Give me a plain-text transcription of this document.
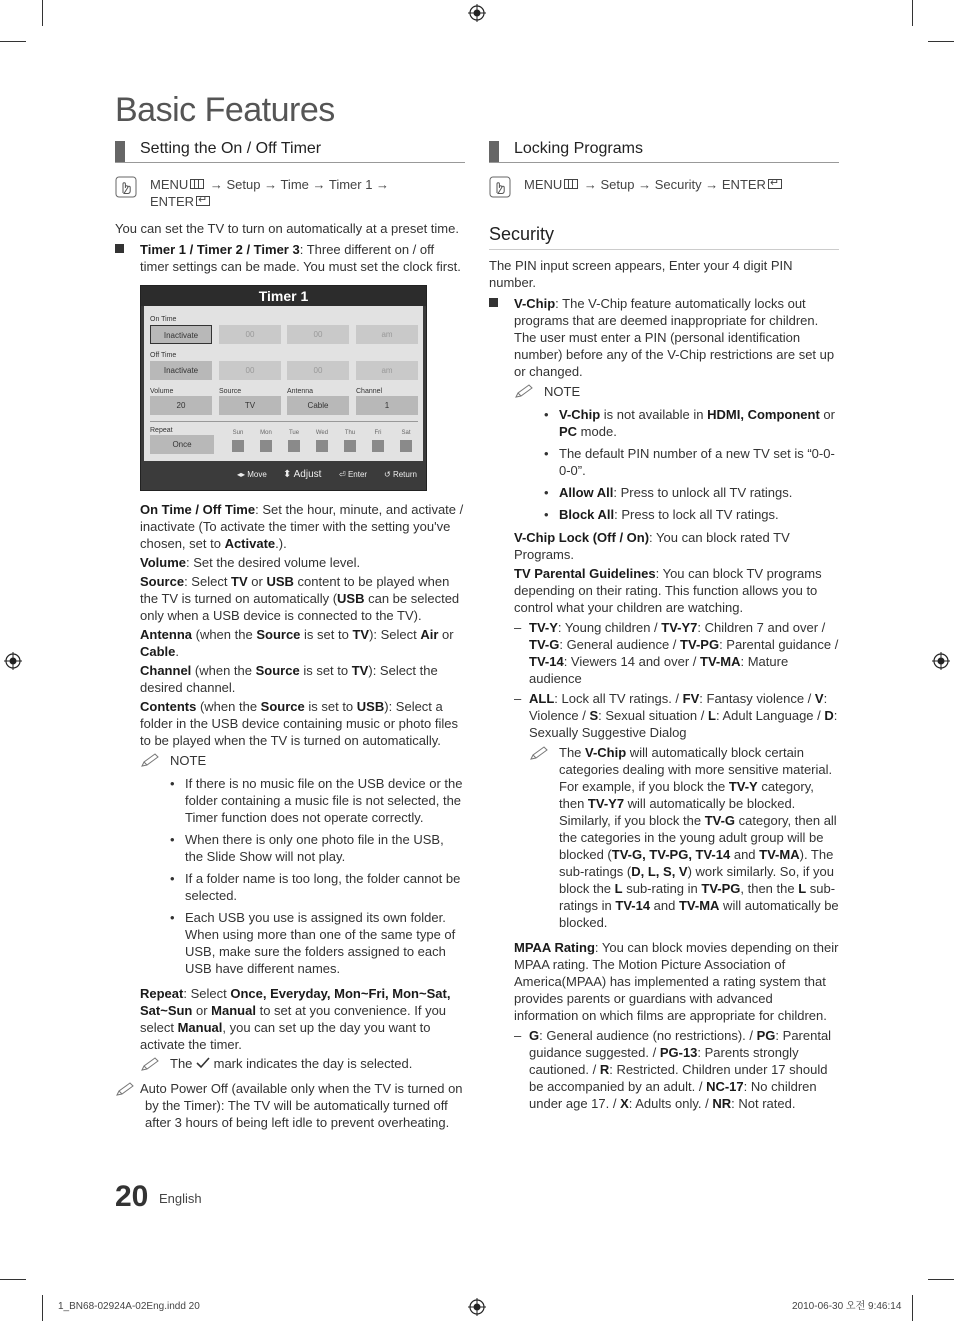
Basic Features
Setting the On / Off Timer
MENU → Setup → Time → Timer 1 →
ENTER↵

You can set the TV to turn on automatically at a preset time.

Timer 1 / Timer 2 / Timer 3: Three different on / off timer settings can be made. You must set the clock first.
Timer 1
On Time
Inactivate	00	00	am
Off Time
Inactivate	00	00	am
Volume	Source	Antenna	Channel
20	TV	Cable	1
Repeat
Once
Sun	Mon	Tue	Wed	Thu	Fri	Sat
◂▸ Move ⬍ Adjust ⏎ Enter ↺ Return
On Time / Off Time: Set the hour, minute, and activate / inactivate (To activate the timer with the setting you've chosen, set to Activate.).
Volume: Set the desired volume level.
Source: Select TV or USB content to be played when the TV is turned on automatically (USB can be selected only when a USB device is connected to the TV).
Antenna (when the Source is set to TV): Select Air or Cable.
Channel (when the Source is set to TV): Select the desired channel.
Contents (when the Source is set to USB): Select a folder in the USB device containing music or photo files to be played when the TV is turned on automatically.
NOTE
• If there is no music file on the USB device or the folder containing a music file is not selected, the Timer function does not operate correctly.
• When there is only one photo file in the USB, the Slide Show will not play.
• If a folder name is too long, the folder cannot be selected.
• Each USB you use is assigned its own folder. When using more than one of the same type of USB, make sure the folders assigned to each USB have different names.
Repeat: Select Once, Everyday, Mon~Fri, Mon~Sat, Sat~Sun or Manual to set at you convenience. If you select Manual, you can set up the day you want to activate the timer.
The  mark indicates the day is selected.
Auto Power Off (available only when the TV is turned on by the Timer): The TV will be automatically turned off after 3 hours of being left idle to prevent overheating.
Locking Programs
MENU → Setup → Security → ENTER↵
Security

The PIN input screen appears, Enter your 4 digit PIN number.

V-Chip: The V-Chip feature automatically locks out programs that are deemed inappropriate for children. The user must enter a PIN (personal identification number) before any of the V-Chip restrictions are set up or changed.
NOTE
• V-Chip is not available in HDMI, Component or PC mode.
• The default PIN number of a new TV set is “0-0-0-0”.
• Allow All: Press to unlock all TV ratings.
• Block All: Press to lock all TV ratings.
V-Chip Lock (Off / On): You can block rated TV Programs.
TV Parental Guidelines: You can block TV programs depending on their rating. This function allows you to control what your children are watching.
– TV-Y: Young children / TV-Y7: Children 7 and over / TV-G: General audience / TV-PG: Parental guidance / TV-14: Viewers 14 and over / TV-MA: Mature audience
– ALL: Lock all TV ratings. / FV: Fantasy violence / V: Violence / S: Sexual situation / L: Adult Language / D: Sexually Suggestive Dialog
The V-Chip will automatically block certain categories dealing with more sensitive material. For example, if you block the TV-Y category, then TV-Y7 will automatically be blocked. Similarly, if you block the TV-G category, then all the categories in the young adult group will be blocked (TV-G, TV-PG, TV-14 and TV-MA). The sub-ratings (D, L, S, V) work similarly. So, if you block the L sub-rating in TV-PG, then the L sub-ratings in TV-14 and TV-MA will automatically be blocked.
MPAA Rating: You can block movies depending on their MPAA rating. The Motion Picture Association of America(MPAA) has implemented a rating system that provides parents or guardians with advanced information on which films are appropriate for children.
– G: General audience (no restrictions). / PG: Parental guidance suggested. / PG-13: Parents strongly cautioned. / R: Restricted. Children under 17 should be accompanied by an adult. / NC-17: No children under age 17. / X: Adults only. / NR: Not rated.
20 English
1_BN68-02924A-02Eng.indd 20	2010-06-30 오전 9:46:14
